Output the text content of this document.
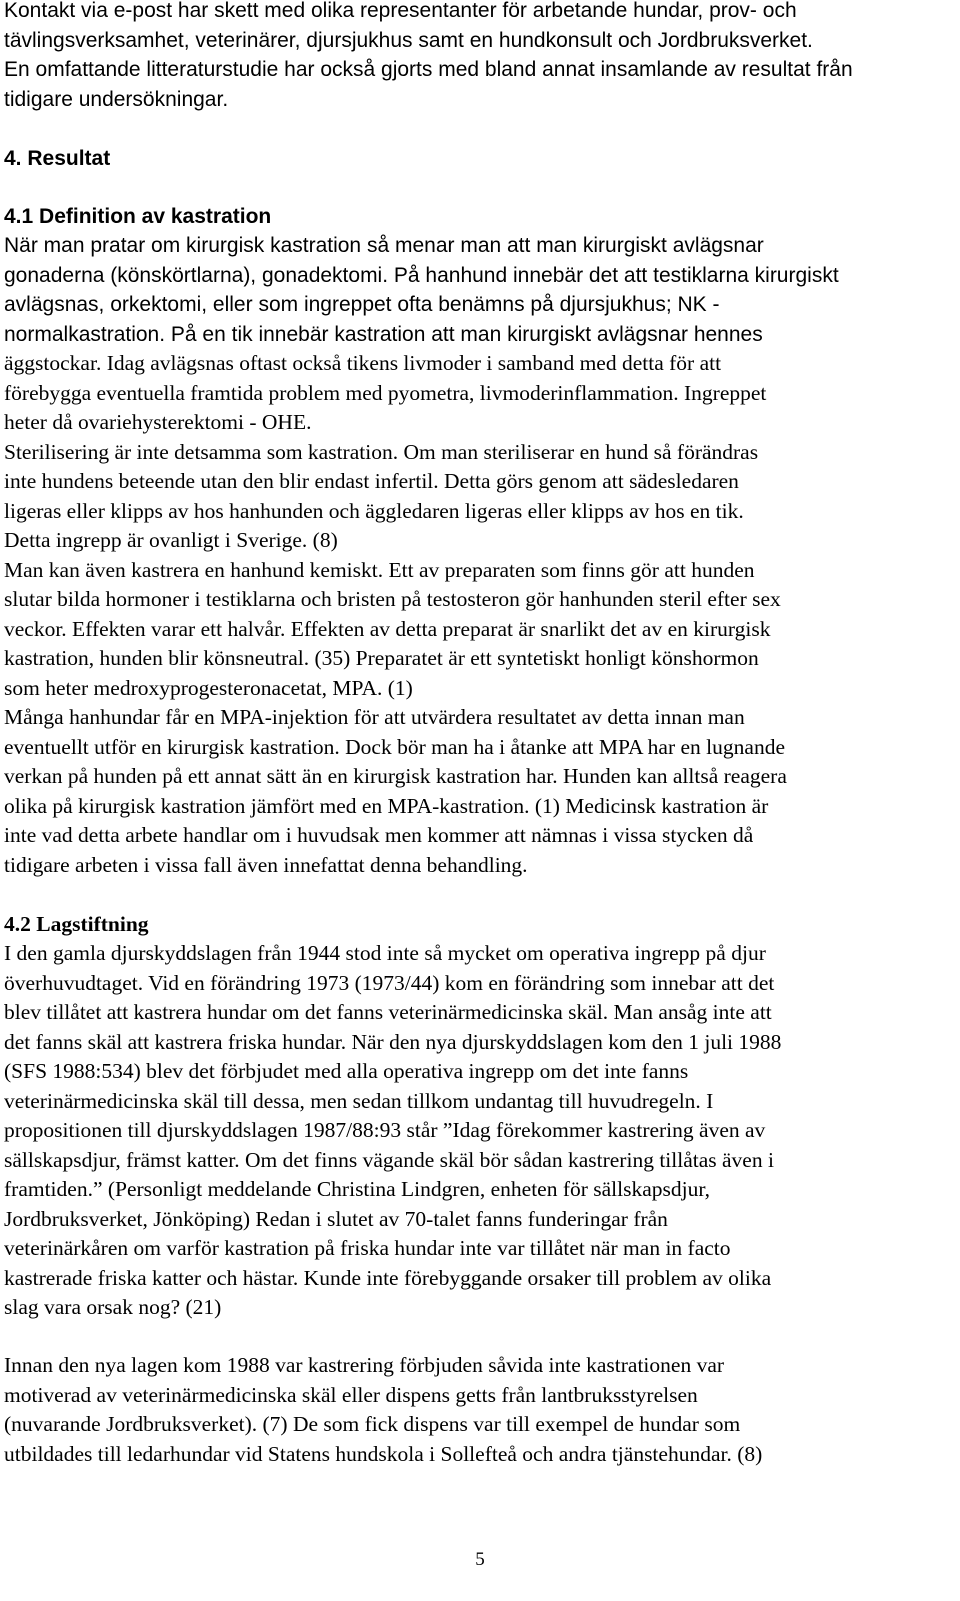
Kontakt via e-post har skett med olika representanter för arbetande hundar, prov- och
tävlingsverksamhet, veterinärer, djursjukhus samt en hundkonsult och Jordbruksverket.
En omfattande litteraturstudie har också gjorts med bland annat insamlande av resultat från
tidigare undersökningar.
4. Resultat
4.1 Definition av kastration
När man pratar om kirurgisk kastration så menar man att man kirurgiskt avlägsnar
gonaderna (könskörtlarna), gonadektomi. På hanhund innebär det att testiklarna kirurgiskt
avlägsnas, orkektomi, eller som ingreppet ofta benämns på djursjukhus; NK -
normalkastration. På en tik innebär kastration att man kirurgiskt avlägsnar hennes
äggstockar. Idag avlägsnas oftast också tikens livmoder i samband med detta för att
förebygga eventuella framtida problem med pyometra, livmoderinflammation. Ingreppet
heter då ovariehysterektomi - OHE.
Sterilisering är inte detsamma som kastration. Om man steriliserar en hund så förändras
inte hundens beteende utan den blir endast infertil. Detta görs genom att sädesledaren
ligeras eller klipps av hos hanhunden och äggledaren ligeras eller klipps av hos en tik.
Detta ingrepp är ovanligt i Sverige. (8)
Man kan även kastrera en hanhund kemiskt. Ett av preparaten som finns gör att hunden
slutar bilda hormoner i testiklarna och bristen på testosteron gör hanhunden steril efter sex
veckor. Effekten varar ett halvår. Effekten av detta preparat är snarlikt det av en kirurgisk
kastration, hunden blir könsneutral. (35) Preparatet är ett syntetiskt honligt könshormon
som heter medroxyprogesteronacetat, MPA. (1)
Många hanhundar får en MPA-injektion för att utvärdera resultatet av detta innan man
eventuellt utför en kirurgisk kastration. Dock bör man ha i åtanke att MPA har en lugnande
verkan på hunden på ett annat sätt än en kirurgisk kastration har. Hunden kan alltså reagera
olika på kirurgisk kastration jämfört med en MPA-kastration. (1) Medicinsk kastration är
inte vad detta arbete handlar om i huvudsak men kommer att nämnas i vissa stycken då
tidigare arbeten i vissa fall även innefattat denna behandling.
4.2 Lagstiftning
I den gamla djurskyddslagen från 1944 stod inte så mycket om operativa ingrepp på djur
överhuvudtaget. Vid en förändring 1973 (1973/44) kom en förändring som innebar att det
blev tillåtet att kastrera hundar om det fanns veterinärmedicinska skäl. Man ansåg inte att
det fanns skäl att kastrera friska hundar. När den nya djurskyddslagen kom den 1 juli 1988
(SFS 1988:534) blev det förbjudet med alla operativa ingrepp om det inte fanns
veterinärmedicinska skäl till dessa, men sedan tillkom undantag till huvudregeln. I
propositionen till djurskyddslagen 1987/88:93 står ”Idag förekommer kastrering även av
sällskapsdjur, främst katter. Om det finns vägande skäl bör sådan kastrering tillåtas även i
framtiden.” (Personligt meddelande Christina Lindgren, enheten för sällskapsdjur,
Jordbruksverket, Jönköping) Redan i slutet av 70-talet fanns funderingar från
veterinärkåren om varför kastration på friska hundar inte var tillåtet när man in facto
kastrerade friska katter och hästar. Kunde inte förebyggande orsaker till problem av olika
slag vara orsak nog? (21)
Innan den nya lagen kom 1988 var kastrering förbjuden såvida inte kastrationen var
motiverad av veterinärmedicinska skäl eller dispens getts från lantbruksstyrelsen
(nuvarande Jordbruksverket). (7) De som fick dispens var till exempel de hundar som
utbildades till ledarhundar vid Statens hundskola i Sollefteå och andra tjänstehundar. (8)
5
